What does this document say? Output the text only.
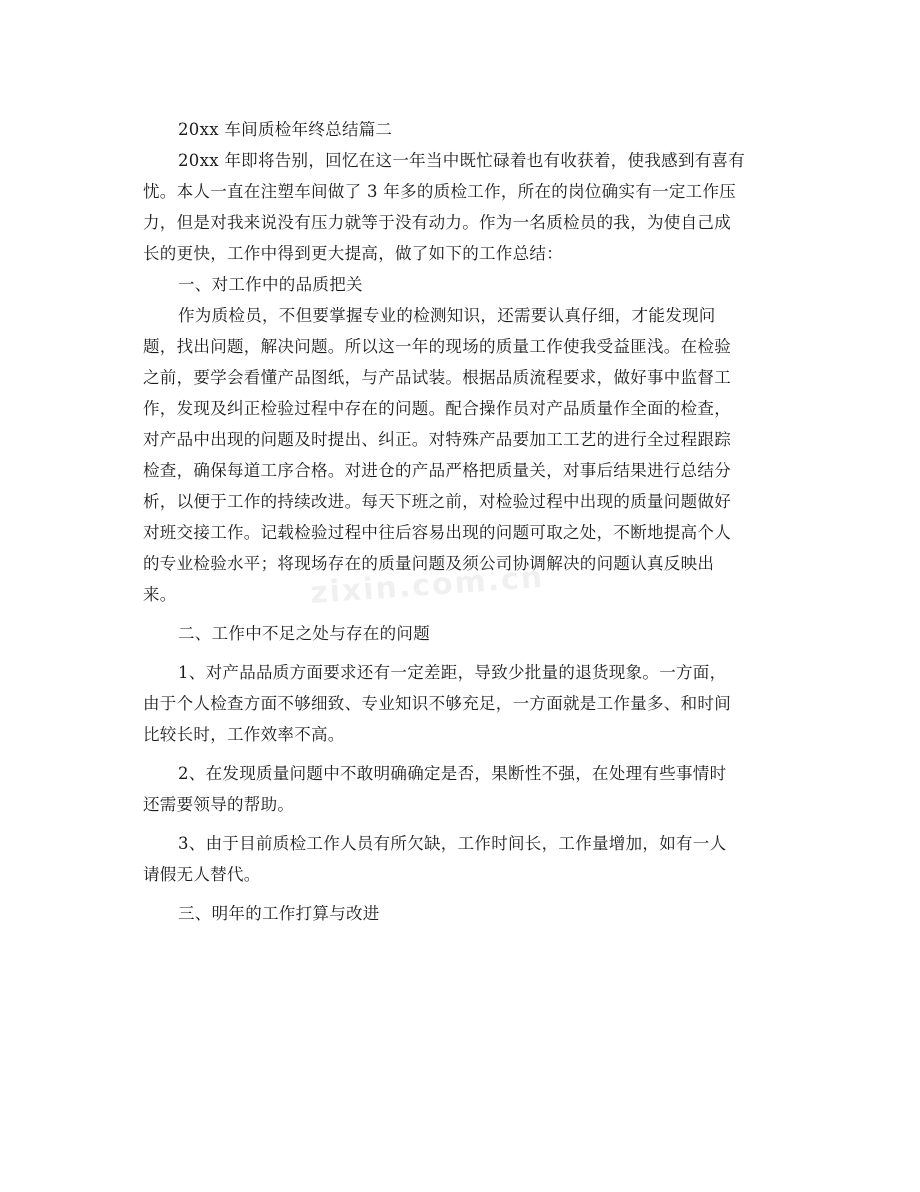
zixin.com.cn
20xx 车间质检年终总结篇二
20xx 年即将告别，回忆在这一年当中既忙碌着也有收获着，使我感到有喜有
忧。本人一直在注塑车间做了 3 年多的质检工作，所在的岗位确实有一定工作压
力，但是对我来说没有压力就等于没有动力。作为一名质检员的我，为使自己成
长的更快，工作中得到更大提高，做了如下的工作总结：
一、对工作中的品质把关
作为质检员，不但要掌握专业的检测知识，还需要认真仔细，才能发现问
题，找出问题，解决问题。所以这一年的现场的质量工作使我受益匪浅。在检验
之前，要学会看懂产品图纸，与产品试装。根据品质流程要求，做好事中监督工
作，发现及纠正检验过程中存在的问题。配合操作员对产品质量作全面的检查，
对产品中出现的问题及时提出、纠正。对特殊产品要加工工艺的进行全过程跟踪
检查，确保每道工序合格。对进仓的产品严格把质量关，对事后结果进行总结分
析，以便于工作的持续改进。每天下班之前，对检验过程中出现的质量问题做好
对班交接工作。记载检验过程中往后容易出现的问题可取之处，不断地提高个人
的专业检验水平；将现场存在的质量问题及须公司协调解决的问题认真反映出
来。
二、工作中不足之处与存在的问题
1、对产品品质方面要求还有一定差距，导致少批量的退货现象。一方面，
由于个人检查方面不够细致、专业知识不够充足，一方面就是工作量多、和时间
比较长时，工作效率不高。
2、在发现质量问题中不敢明确确定是否，果断性不强，在处理有些事情时
还需要领导的帮助。
3、由于目前质检工作人员有所欠缺，工作时间长，工作量增加，如有一人
请假无人替代。
三、明年的工作打算与改进
